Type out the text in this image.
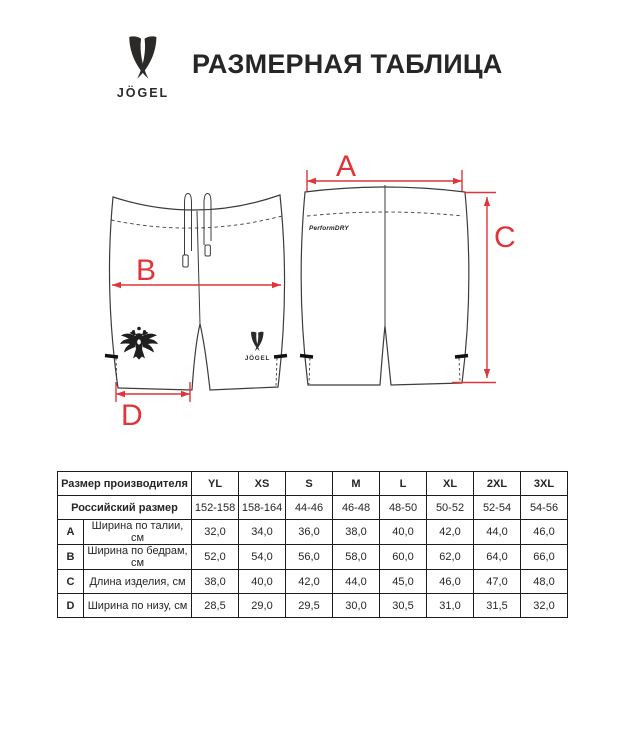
JÖGEL
РАЗМЕРНАЯ ТАБЛИЦА
JÖGEL
PerformDRY
A
B
C
D
Размер производителя		YL	XS	S	M	L	XL	2XL	3XL
Российский размер		152-158	158-164	44-46	46-48	48-50	50-52	52-54	54-56
A	Ширина по талии, см	32,0	34,0	36,0	38,0	40,0	42,0	44,0	46,0
B	Ширина по бедрам, см	52,0	54,0	56,0	58,0	60,0	62,0	64,0	66,0
C	Длина изделия, см	38,0	40,0	42,0	44,0	45,0	46,0	47,0	48,0
D	Ширина по низу, см	28,5	29,0	29,5	30,0	30,5	31,0	31,5	32,0
